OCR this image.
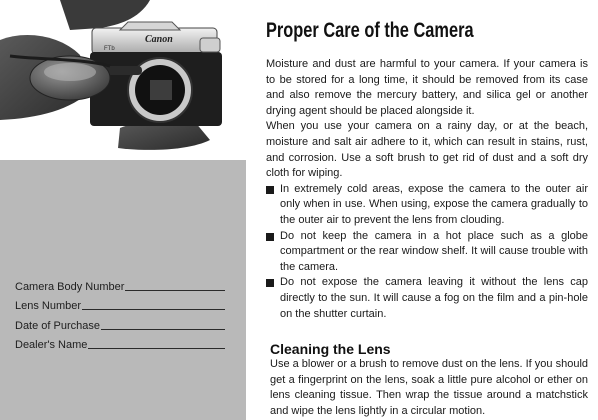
Canon
FTb
Camera Body Number
Lens Number
Date of Purchase
Dealer's Name
Proper Care of the Camera

Moisture and dust are harmful to your camera. If your camera is to be stored for a long time, it should be removed from its case and also remove the mercury battery, and silica gel or another drying agent should be placed alongside it.

When you use your camera on a rainy day, or at the beach, moisture and salt air adhere to it, which can result in stains, rust, and corrosion. Use a soft brush to get rid of dust and a soft dry cloth for wiping.

In extremely cold areas, expose the camera to the outer air only when in use. When using, expose the camera gradually to the outer air to prevent the lens from clouding.

Do not keep the camera in a hot place such as a globe compartment or the rear window shelf. It will cause trouble with the camera.

Do not expose the camera leaving it without the lens cap directly to the sun. It will cause a fog on the film and a pin-hole on the shutter curtain.

Cleaning the Lens
Use a blower or a brush to remove dust on the lens. If you should get a fingerprint on the lens, soak a little pure alcohol or ether on lens cleaning tissue. Then wrap the tissue around a matchstick and wipe the lens lightly in a circular motion.
